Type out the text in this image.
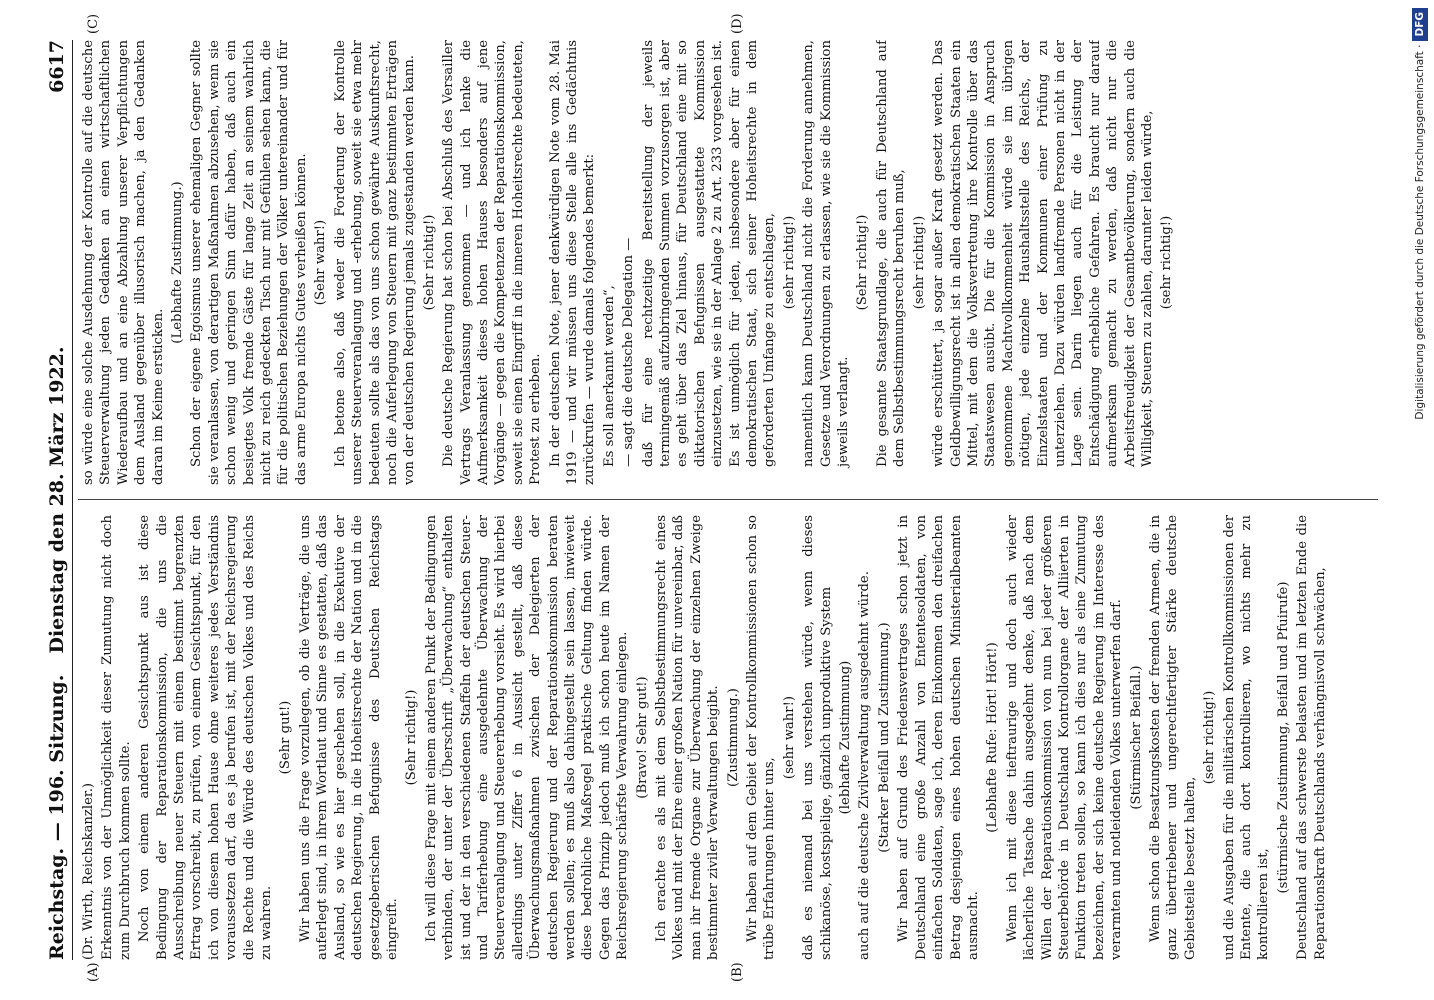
Reichstag. — 196. Sitzung.
Dienstag den 28. März 1922.
6617
(A)	(B)
(C)	(D)

(Dr. Wirth, Reichskanzler.) Erkenntnis von der Unmöglichkeit dieser Zumutung nicht doch zum Durchbruch kommen sollte. Noch von einem anderen Gesichtspunkt aus ist diese Bedingung der Reparationskommission, die uns die Ausschreibung neuer Steuern mit einem bestimmt begrenzten Ertrag vorschreibt, zu prüfen, von einem Gesichtspunkt, für den ich von diesem hohen Hause ohne weiteres jedes Verständnis voraussetzen darf, da es ja berufen ist, mit der Reichsregierung die Rechte und die Würde des deutschen Volkes und des Reichs zu wahren.

(Sehr gut!) Wir haben uns die Frage vorzulegen, ob die Verträge, die uns auferlegt sind, in ihrem Wortlaut und Sinne es gestatten, daß das Ausland, so wie es hier geschehen soll, in die Exekutive der deutschen Regierung, in die Hoheitsrechte der Nation und in die gesetzgeberischen Befugnisse des Deutschen Reichstags eingreift.

(Sehr richtig!) Ich will diese Frage mit einem anderen Punkt der Bedingungen verbinden, der unter der Überschrift „Überwachung“ enthalten ist und der in den verschiedenen Staffeln der deutschen Steuer- und Tariferhebung eine ausgedehnte Überwachung der Steuerveranlagung und Steuererhebung vorsieht. Es wird hierbei allerdings unter Ziffer 6 in Aussicht gestellt, daß diese Überwachungsmaßnahmen zwischen der Delegierten der deutschen Regierung und der Reparationskommission beraten werden sollen; es muß also dahingestellt sein lassen, inwieweit diese bedrohliche Maßregel praktische Geltung finden würde. Gegen das Prinzip jedoch muß ich schon heute im Namen der Reichsregierung schärfste Verwahrung einlegen. (Bravo! Sehr gut!) Ich erachte es als mit dem Selbstbestimmungsrecht eines Volkes und mit der Ehre einer großen Nation für unvereinbar, daß man ihr fremde Organe zur Überwachung der einzelnen Zweige bestimmter ziviler Verwaltungen beigibt. (Zustimmung.) Wir haben auf dem Gebiet der Kontrollkommissionen schon so trübe Erfahrungen hinter uns,

(sehr wahr!) daß es niemand bei uns verstehen würde, wenn dieses schikanöse, kostspielige, gänzlich unproduktive System (lebhafte Zustimmung) auch auf die deutsche Zivilverwaltung ausgedehnt würde. (Starker Beifall und Zustimmung.) Wir haben auf Grund des Friedensvertrages schon jetzt in Deutschland eine große Anzahl von Ententesoldaten, von einfachen Soldaten, sage ich, deren Einkommen den dreifachen Betrag desjenigen eines hohen deutschen Ministerialbeamten ausmacht.

(Lebhafte Rufe: Hört! Hört!) Wenn ich mit diese tieftraurige und doch auch wieder lächerliche Tatsache dahin ausgedehnt denke, daß nach dem Willen der Reparationskommission von nun bei jeder größeren Steuerbehörde in Deutschland Kontrollorgane der Alliierten in Funktion treten sollen, so kann ich dies nur als eine Zumutung bezeichnen, der sich keine deutsche Regierung im Interesse des verarmten und notleidenden Volkes unterwerfen darf. (Stürmischer Beifall.) Wenn schon die Besatzungskosten der fremden Armeen, die in ganz übertriebener und ungerechtfertigter Stärke deutsche Gebietsteile besetzt halten,

(sehr richtig!) und die Ausgaben für die militärischen Kontrollkommissionen der Entente, die auch dort kontrollieren, wo nichts mehr zu kontrollieren ist,

(stürmische Zustimmung, Beifall und Pfuirufe) Deutschland auf das schwerste belasten und im letzten Ende die Reparationskraft Deutschlands verhängnisvoll schwächen,

so würde eine solche Ausdehnung der Kontrolle auf die deutsche Steuerverwaltung jeden Gedanken an einen wirtschaftlichen Wiederaufbau und an eine Abzahlung unserer Verpflichtungen dem Ausland gegenüber illusorisch machen, ja den Gedanken daran im Keime ersticken.

(Lebhafte Zustimmung.) Schon der eigene Egoismus unserer ehemaligen Gegner sollte sie veranlassen, von derartigen Maßnahmen abzusehen, wenn sie schon wenig und geringen Sinn dafür haben, daß auch ein besiegtes Volk fremde Gäste für lange Zeit an seinem wahrlich nicht zu reich gedeckten Tisch nur mit Gefühlen sehen kann, die für die politischen Beziehungen der Völker untereinander und für das arme Europa nichts Gutes verheißen können. (Sehr wahr!) Ich betone also, daß weder die Forderung der Kontrolle unserer Steuerveranlagung und -erhebung, soweit sie etwa mehr bedeuten sollte als das von uns schon gewährte Auskunftsrecht, noch die Auferlegung von Steuern mit ganz bestimmten Erträgen von der deutschen Regierung jemals zugestanden werden kann. (Sehr richtig!) Die deutsche Regierung hat schon bei Abschluß des Versailler Vertrags Veranlassung genommen — und ich lenke die Aufmerksamkeit dieses hohen Hauses besonders auf jene Vorgänge — gegen die Kompetenzen der Reparationskommission, soweit sie einen Eingriff in die inneren Hoheitsrechte bedeuteten, Protest zu erheben. In der deutschen Note, jener denkwürdigen Note vom 28. Mai 1919 — und wir müssen uns diese Stelle alle ins Gedächtnis zurückrufen — wurde damals folgendes bemerkt: Es soll anerkannt werden“, — sagt die deutsche Delegation — daß für eine rechtzeitige Bereitstellung der jeweils termingemäß aufzubringenden Summen vorzusorgen ist, aber es geht über das Ziel hinaus, für Deutschland eine mit so diktatorischen Befugnissen ausgestattete Kommission einzusetzen, wie sie in der Anlage 2 zu Art. 233 vorgesehen ist. Es ist unmöglich für jeden, insbesondere aber für einen demokratischen Staat, sich seiner Hoheitsrechte in dem geforderten Umfange zu entschlagen, (sehr richtig!) namentlich kann Deutschland nicht die Forderung annehmen, Gesetze und Verordnungen zu erlassen, wie sie die Kommission jeweils verlangt.

(Sehr richtig!) Die gesamte Staatsgrundlage, die auch für Deutschland auf dem Selbstbestimmungsrecht beruhen muß, (sehr richtig!) würde erschüttert, ja sogar außer Kraft gesetzt werden. Das Geldbewilligungsrecht ist in allen demokratischen Staaten ein Mittel, mit dem die Volksvertretung ihre Kontrolle über das Staatswesen ausübt. Die für die Kommission in Anspruch genommene Machtvollkommenheit würde sie im übrigen nötigen, jede einzelne Haushaltsstelle des Reichs, der Einzelstaaten und der Kommunen einer Prüfung zu unterziehen. Dazu würden landfremde Personen nicht in der Lage sein. Darin liegen auch für die Leistung der Entschädigung erhebliche Gefahren. Es braucht nur darauf aufmerksam gemacht zu werden, daß nicht nur die Arbeitsfreudigkeit der Gesamtbevölkerung, sondern auch die Willigkeit, Steuern zu zahlen, darunter leiden würde, (sehr richtig!)	Digitalisierung gefördert durch die Deutsche Forschungsgemeinschaft ·DFG
